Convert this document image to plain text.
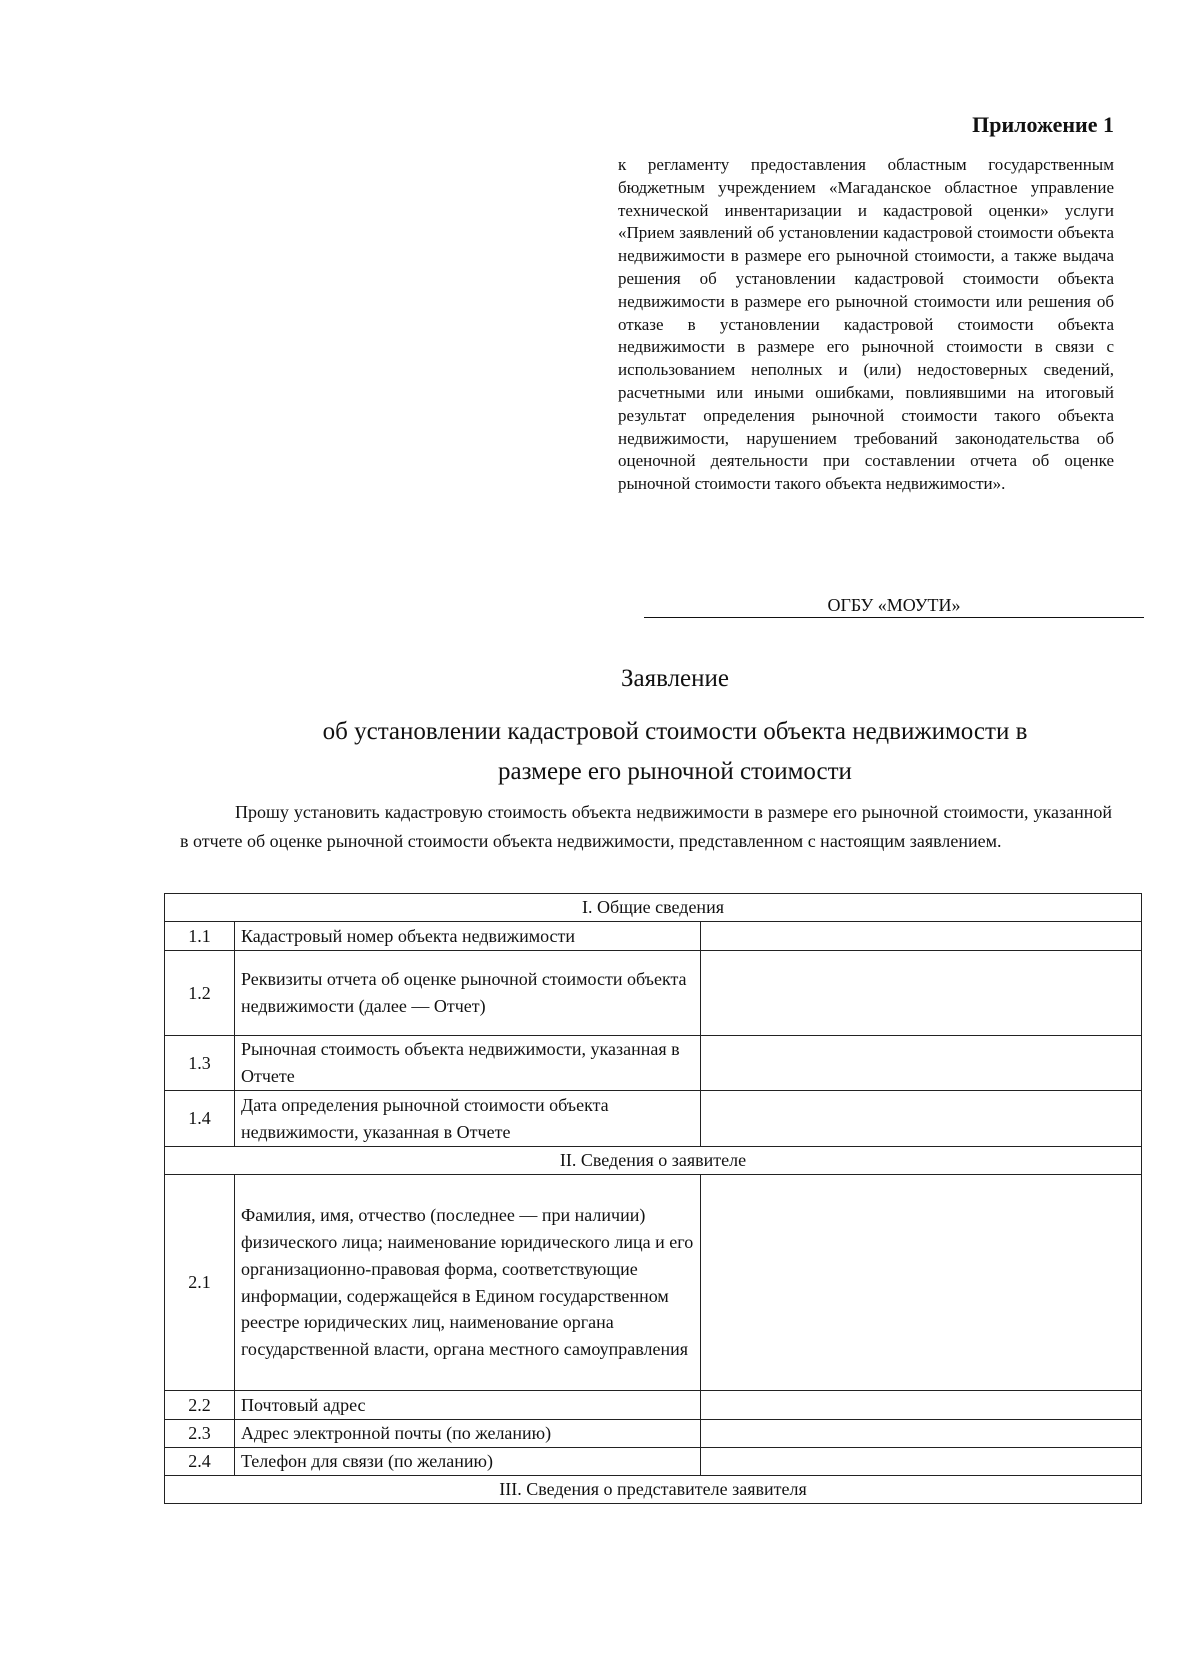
Приложение 1
к регламенту предоставления областным государственным бюджетным учреждением «Магаданское областное управление технической инвентаризации и кадастровой оценки» услуги «Прием заявлений об установлении кадастровой стоимости объекта недвижимости в размере его рыночной стоимости, а также выдача решения об установлении кадастровой стоимости объекта недвижимости в размере его рыночной стоимости или решения об отказе в установлении кадастровой стоимости объекта недвижимости в размере его рыночной стоимости в связи с использованием неполных и (или) недостоверных сведений, расчетными или иными ошибками, повлиявшими на итоговый результат определения рыночной стоимости такого объекта недвижимости, нарушением требований законодательства об оценочной деятельности при составлении отчета об оценке рыночной стоимости такого объекта недвижимости».
ОГБУ «МОУТИ»
Заявление
об установлении кадастровой стоимости объекта недвижимости в
размере его рыночной стоимости
Прошу установить кадастровую стоимость объекта недвижимости в размере его рыночной стоимости, указанной в отчете об оценке рыночной стоимости объекта недвижимости, представленном с настоящим заявлением.
I. Общие сведения		
1.1	Кадастровый номер объекта недвижимости	
1.2	Реквизиты отчета об оценке рыночной стоимости объекта недвижимости (далее — Отчет)	
1.3	Рыночная стоимость объекта недвижимости, указанная в Отчете	
1.4	Дата определения рыночной стоимости объекта недвижимости, указанная в Отчете	
II. Сведения о заявителе		
2.1	Фамилия, имя, отчество (последнее — при наличии) физического лица; наименование юридического лица и его организационно-правовая форма, соответствующие информации, содержащейся в Едином государственном реестре юридических лиц, наименование органа государственной власти, органа местного самоуправления	
2.2	Почтовый адрес	
2.3	Адрес электронной почты (по желанию)	
2.4	Телефон для связи (по желанию)	
III. Сведения о представителе заявителя		
